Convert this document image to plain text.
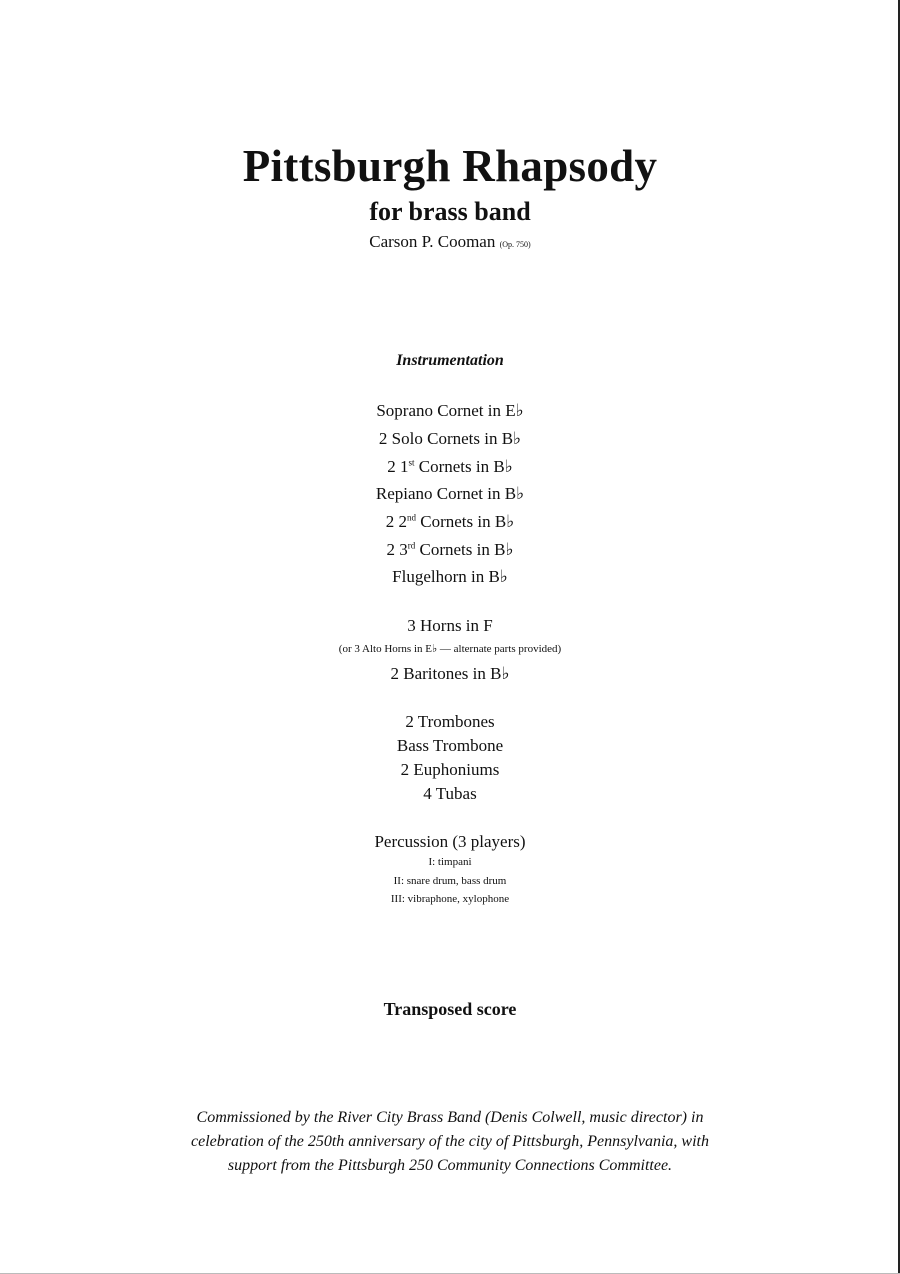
Pittsburgh Rhapsody
for brass band
Carson P. Cooman (Op. 750)
Instrumentation
Soprano Cornet in E♭
2 Solo Cornets in B♭
2 1st Cornets in B♭
Repiano Cornet in B♭
2 2nd Cornets in B♭
2 3rd Cornets in B♭
Flugelhorn in B♭
3 Horns in F
(or 3 Alto Horns in E♭ — alternate parts provided)
2 Baritones in B♭
2 Trombones
Bass Trombone
2 Euphoniums
4 Tubas
Percussion (3 players)
I: timpani
II: snare drum, bass drum
III: vibraphone, xylophone
Transposed score
Commissioned by the River City Brass Band (Denis Colwell, music director) in
celebration of the 250th anniversary of the city of Pittsburgh, Pennsylvania, with
support from the Pittsburgh 250 Community Connections Committee.
